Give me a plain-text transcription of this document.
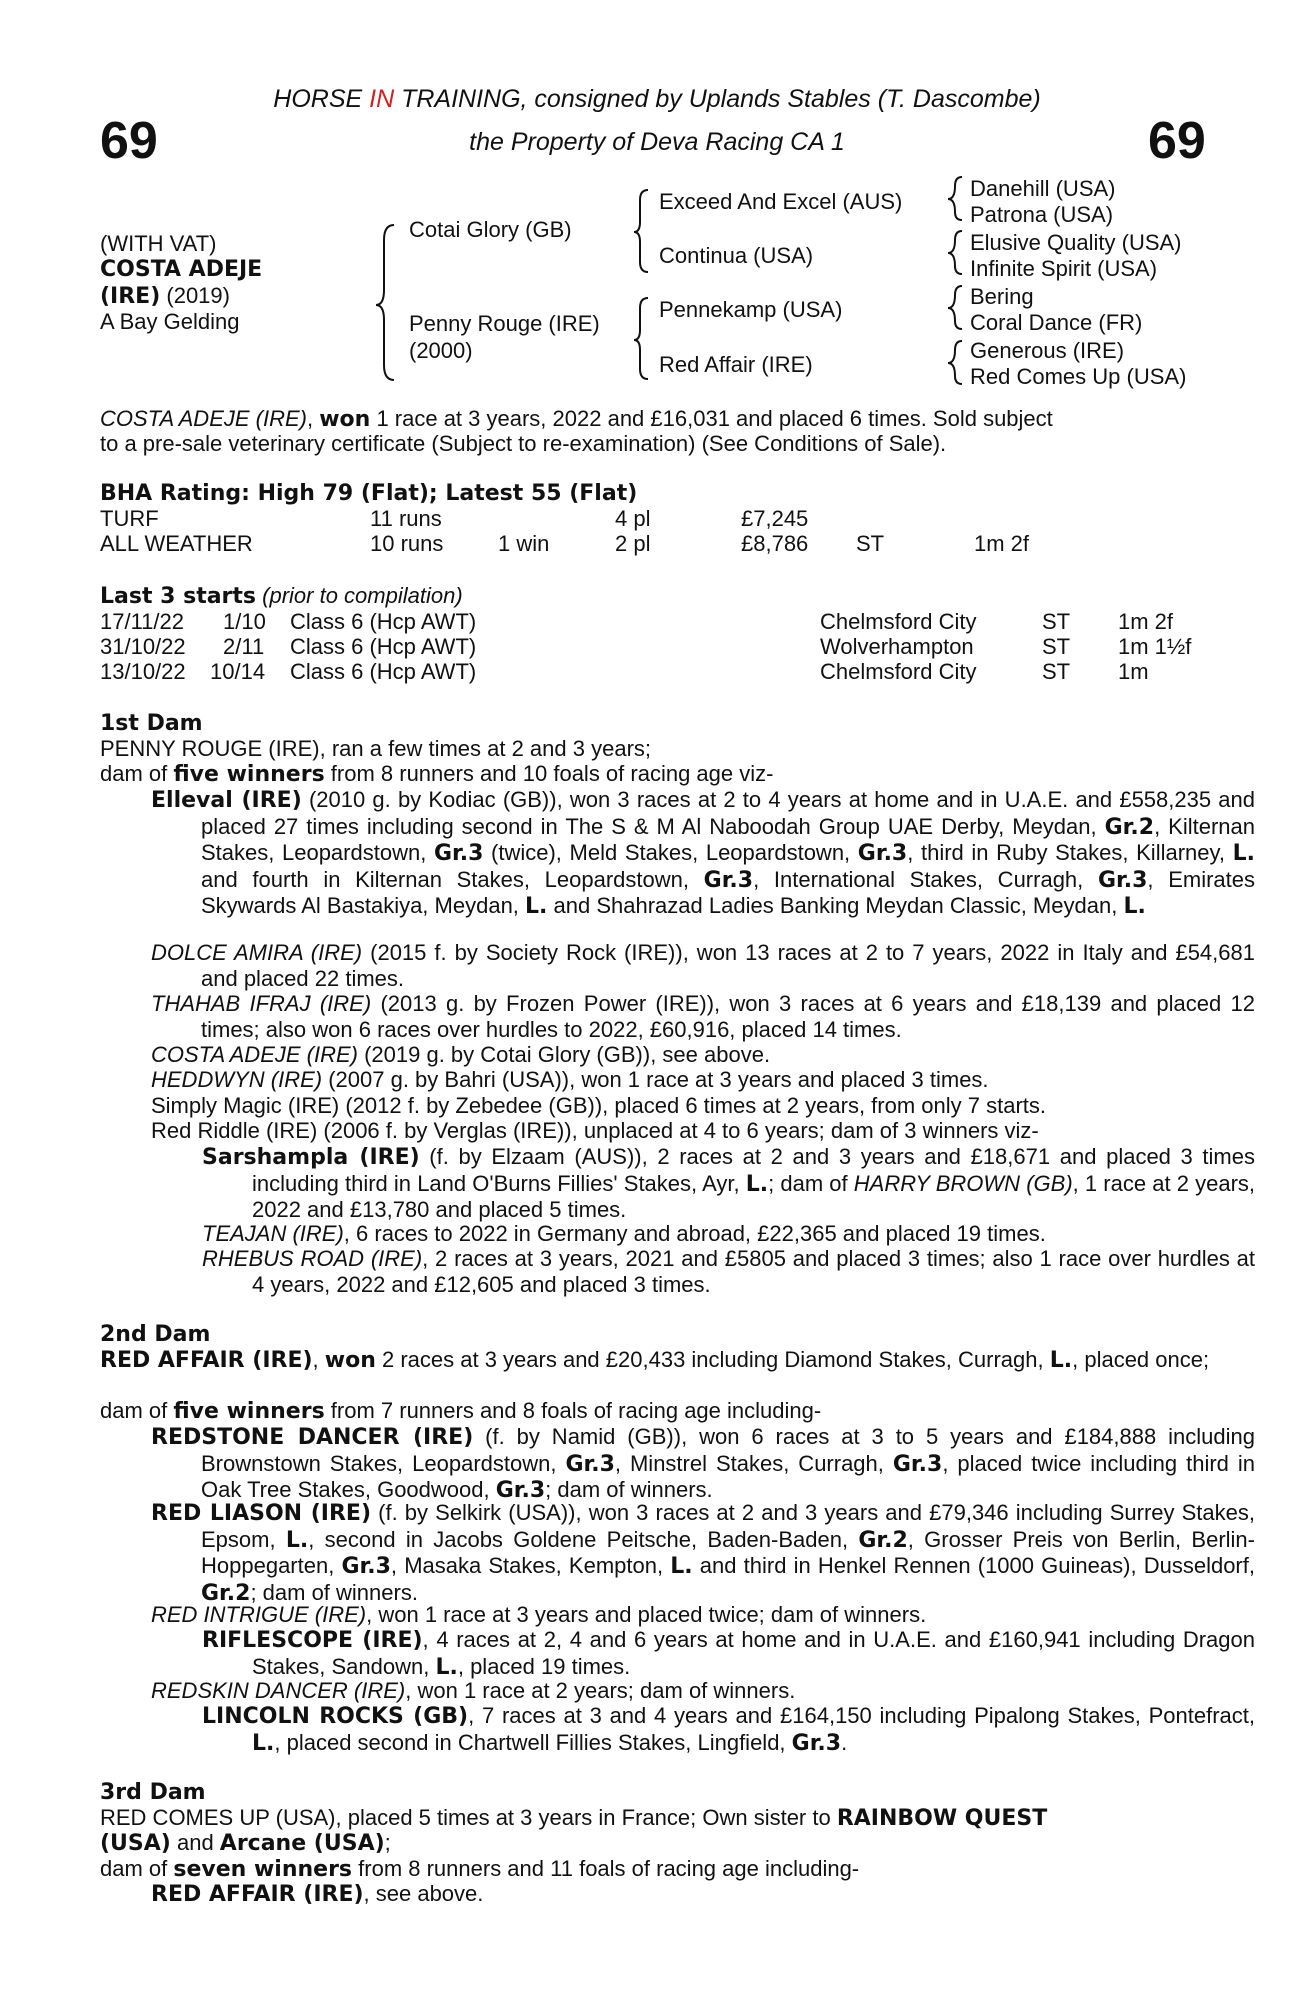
69	69
HORSE IN TRAINING, consigned by Uplands Stables (T. Dascombe)
the Property of Deva Racing CA 1
(WITH VAT)
COSTA ADEJE
(IRE) (2019)
A Bay Gelding
Cotai Glory (GB)
Penny Rouge (IRE)
(2000)
Exceed And Excel (AUS)
Continua (USA)
Pennekamp (USA)
Red Affair (IRE)
Danehill (USA)
Patrona (USA)
Elusive Quality (USA)
Infinite Spirit (USA)
Bering
Coral Dance (FR)
Generous (IRE)
Red Comes Up (USA)
COSTA ADEJE (IRE), won 1 race at 3 years, 2022 and £16,031 and placed 6 times. Sold subject
to a pre-sale veterinary certificate (Subject to re-examination) (See Conditions of Sale).
BHA Rating: High 79 (Flat); Latest 55 (Flat)
TURF	11 runs	4 pl	£7,245
ALL WEATHER	10 runs 1 win	2 pl	£8,786 ST	1m 2f
Last 3 starts (prior to compilation)
17/11/22 1/10 Class 6 (Hcp AWT)	Chelmsford City	ST 1m 2f
31/10/22 2/11 Class 6 (Hcp AWT)	Wolverhampton	ST 1m 1½f
13/10/22 10/14 Class 6 (Hcp AWT)	Chelmsford City	ST 1m
1st Dam
PENNY ROUGE (IRE), ran a few times at 2 and 3 years;
dam of five winners from 8 runners and 10 foals of racing age viz-
Elleval (IRE) (2010 g. by Kodiac (GB)), won 3 races at 2 to 4 years at home and in U.A.E. and £558,235 and placed 27 times including second in The S & M Al Naboodah Group UAE Derby, Meydan, Gr.2, Kilternan Stakes, Leopardstown, Gr.3 (twice), Meld Stakes, Leopardstown, Gr.3, third in Ruby Stakes, Killarney, L. and fourth in Kilternan Stakes, Leopardstown, Gr.3, International Stakes, Curragh, Gr.3, Emirates Skywards Al Bastakiya, Meydan, L. and Shahrazad Ladies Banking Meydan Classic, Meydan, L.
DOLCE AMIRA (IRE) (2015 f. by Society Rock (IRE)), won 13 races at 2 to 7 years, 2022 in Italy and £54,681 and placed 22 times.
THAHAB IFRAJ (IRE) (2013 g. by Frozen Power (IRE)), won 3 races at 6 years and £18,139 and placed 12 times; also won 6 races over hurdles to 2022, £60,916, placed 14 times.
COSTA ADEJE (IRE) (2019 g. by Cotai Glory (GB)), see above.
HEDDWYN (IRE) (2007 g. by Bahri (USA)), won 1 race at 3 years and placed 3 times.
Simply Magic (IRE) (2012 f. by Zebedee (GB)), placed 6 times at 2 years, from only 7 starts.
Red Riddle (IRE) (2006 f. by Verglas (IRE)), unplaced at 4 to 6 years; dam of 3 winners viz-
Sarshampla (IRE) (f. by Elzaam (AUS)), 2 races at 2 and 3 years and £18,671 and placed 3 times including third in Land O'Burns Fillies' Stakes, Ayr, L.; dam of HARRY BROWN (GB), 1 race at 2 years, 2022 and £13,780 and placed 5 times.
TEAJAN (IRE), 6 races to 2022 in Germany and abroad, £22,365 and placed 19 times.
RHEBUS ROAD (IRE), 2 races at 3 years, 2021 and £5805 and placed 3 times; also 1 race over hurdles at 4 years, 2022 and £12,605 and placed 3 times.
2nd Dam
RED AFFAIR (IRE), won 2 races at 3 years and £20,433 including Diamond Stakes, Curragh, L., placed once;
dam of five winners from 7 runners and 8 foals of racing age including-
REDSTONE DANCER (IRE) (f. by Namid (GB)), won 6 races at 3 to 5 years and £184,888 including Brownstown Stakes, Leopardstown, Gr.3, Minstrel Stakes, Curragh, Gr.3, placed twice including third in Oak Tree Stakes, Goodwood, Gr.3; dam of winners.
RED LIASON (IRE) (f. by Selkirk (USA)), won 3 races at 2 and 3 years and £79,346 including Surrey Stakes, Epsom, L., second in Jacobs Goldene Peitsche, Baden-Baden, Gr.2, Grosser Preis von Berlin, Berlin-Hoppegarten, Gr.3, Masaka Stakes, Kempton, L. and third in Henkel Rennen (1000 Guineas), Dusseldorf, Gr.2; dam of winners.
RED INTRIGUE (IRE), won 1 race at 3 years and placed twice; dam of winners.
RIFLESCOPE (IRE), 4 races at 2, 4 and 6 years at home and in U.A.E. and £160,941 including Dragon Stakes, Sandown, L., placed 19 times.
REDSKIN DANCER (IRE), won 1 race at 2 years; dam of winners.
LINCOLN ROCKS (GB), 7 races at 3 and 4 years and £164,150 including Pipalong Stakes, Pontefract, L., placed second in Chartwell Fillies Stakes, Lingfield, Gr.3.
3rd Dam
RED COMES UP (USA), placed 5 times at 3 years in France; Own sister to RAINBOW QUEST
(USA) and Arcane (USA);
dam of seven winners from 8 runners and 11 foals of racing age including-
RED AFFAIR (IRE), see above.
